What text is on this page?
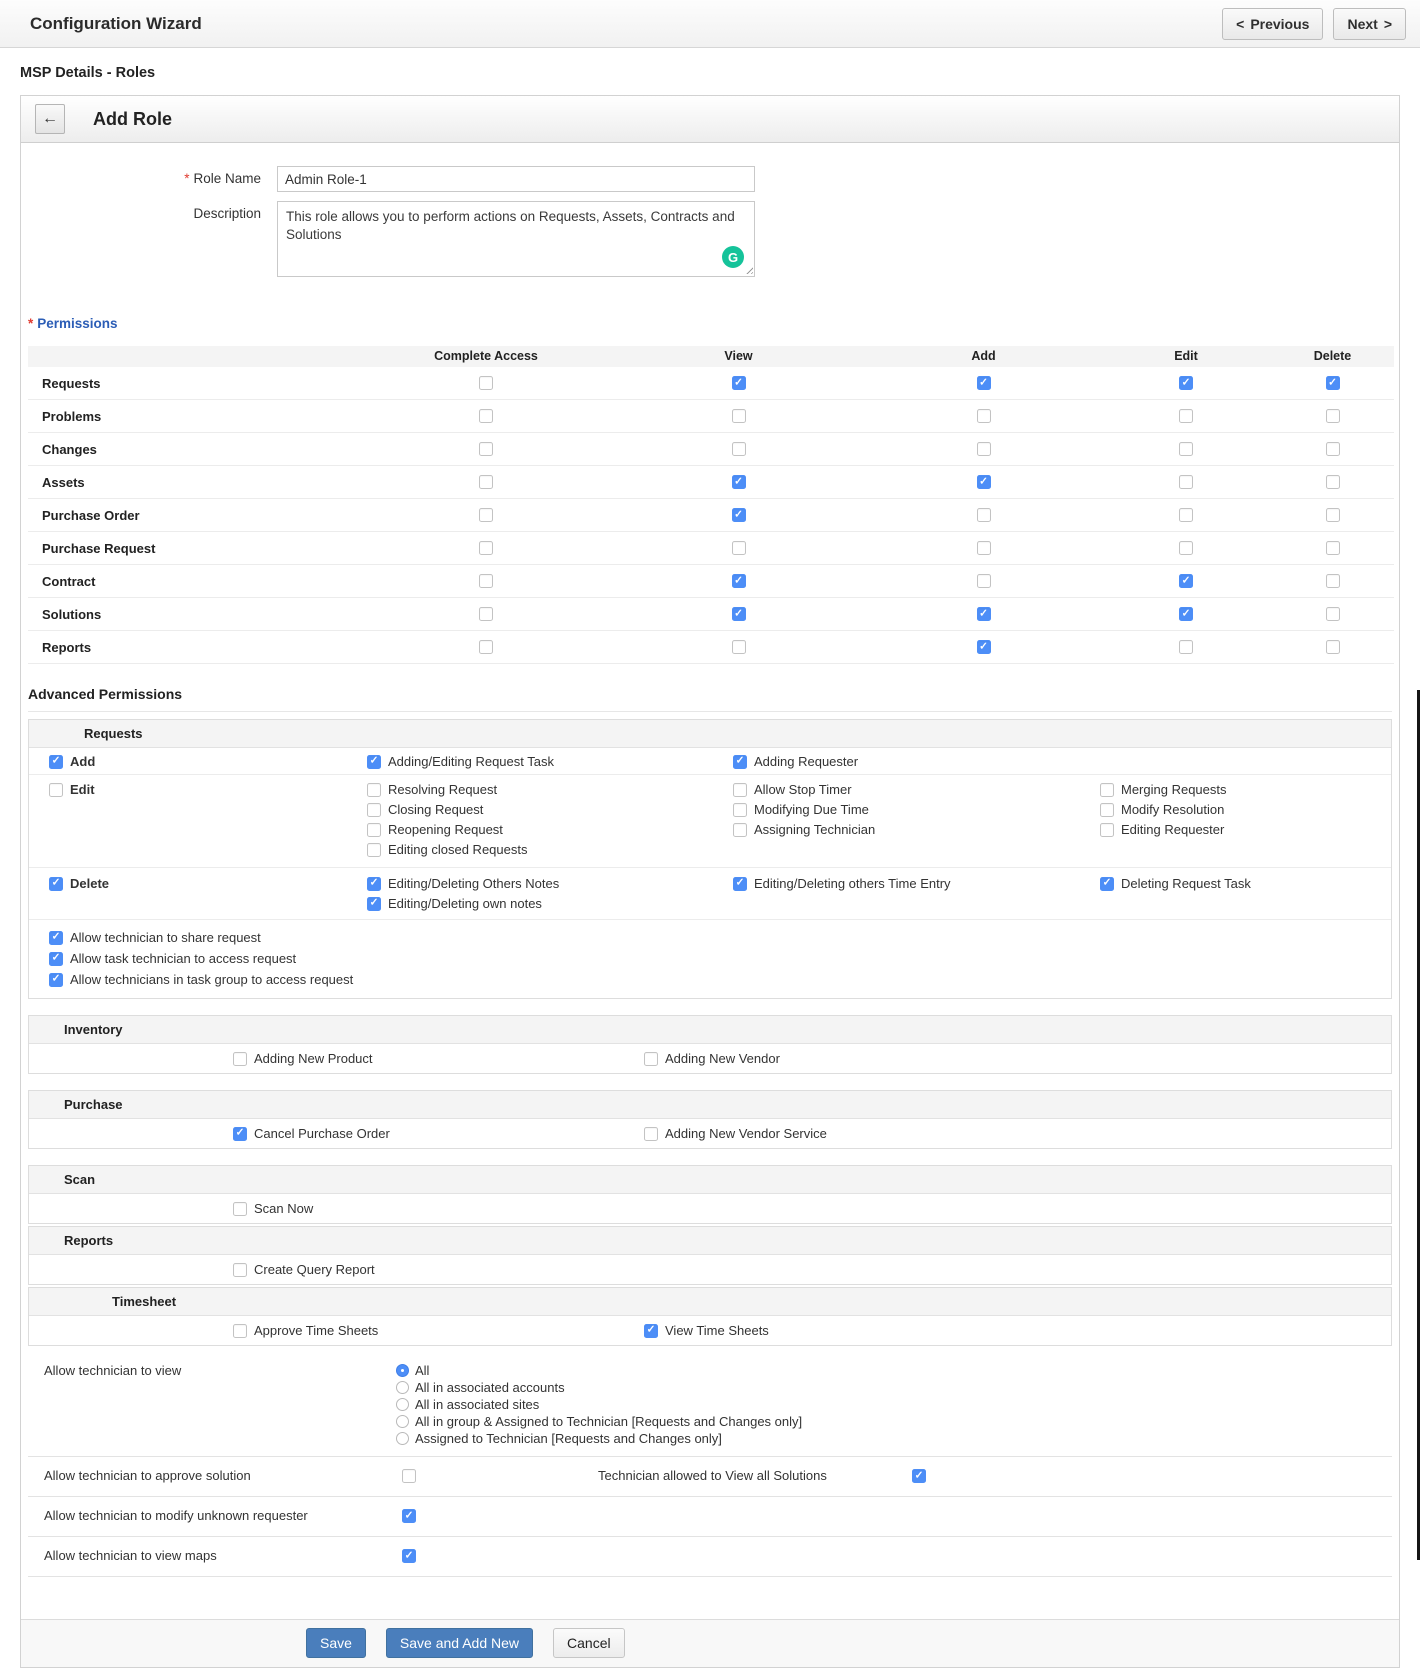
Configuration Wizard	< Previous	Next >
MSP Details - Roles
← Add Role
* Role Name
Admin Role-1
Description
This role allows you to perform actions on Requests, Assets, Contracts and Solutions
G
* Permissions
	Complete Access	View	Add	Edit	Delete
Requests		✓	✓	✓	✓
Problems					
Changes					
Assets		✓	✓		
Purchase Order		✓			
Purchase Request					
Contract		✓		✓	
Solutions		✓	✓	✓	
Reports			✓		
Advanced Permissions
Requests
✓
Add ✓	Adding/Editing Request Task ✓	Adding Requester
Edit	Resolving Request
Closing Request
Reopening Request
Editing closed Requests
Allow Stop Timer
Modifying Due Time
Assigning Technician
Merging Requests
Modify Resolution
Editing Requester
✓
Delete ✓	Editing/Deleting Others Notes
✓
Editing/Deleting own notes
✓
Editing/Deleting others Time Entry ✓	Deleting Request Task
✓
Allow technician to share request
✓
Allow task technician to access request
✓
Allow technicians in task group to access request
Inventory
Adding New Product	Adding New Vendor
Purchase
✓
Cancel Purchase Order	Adding New Vendor Service
Scan
Scan Now
Reports
Create Query Report
Timesheet
Approve Time Sheets ✓	View Time Sheets
Allow technician to view	All
All in associated accounts
All in associated sites
All in group & Assigned to Technician [Requests and Changes only]
Assigned to Technician [Requests and Changes only]
Allow technician to approve solution	Technician allowed to View all Solutions
✓
Allow technician to modify unknown requester
✓
Allow technician to view maps
✓
Save	Save and Add New	Cancel
